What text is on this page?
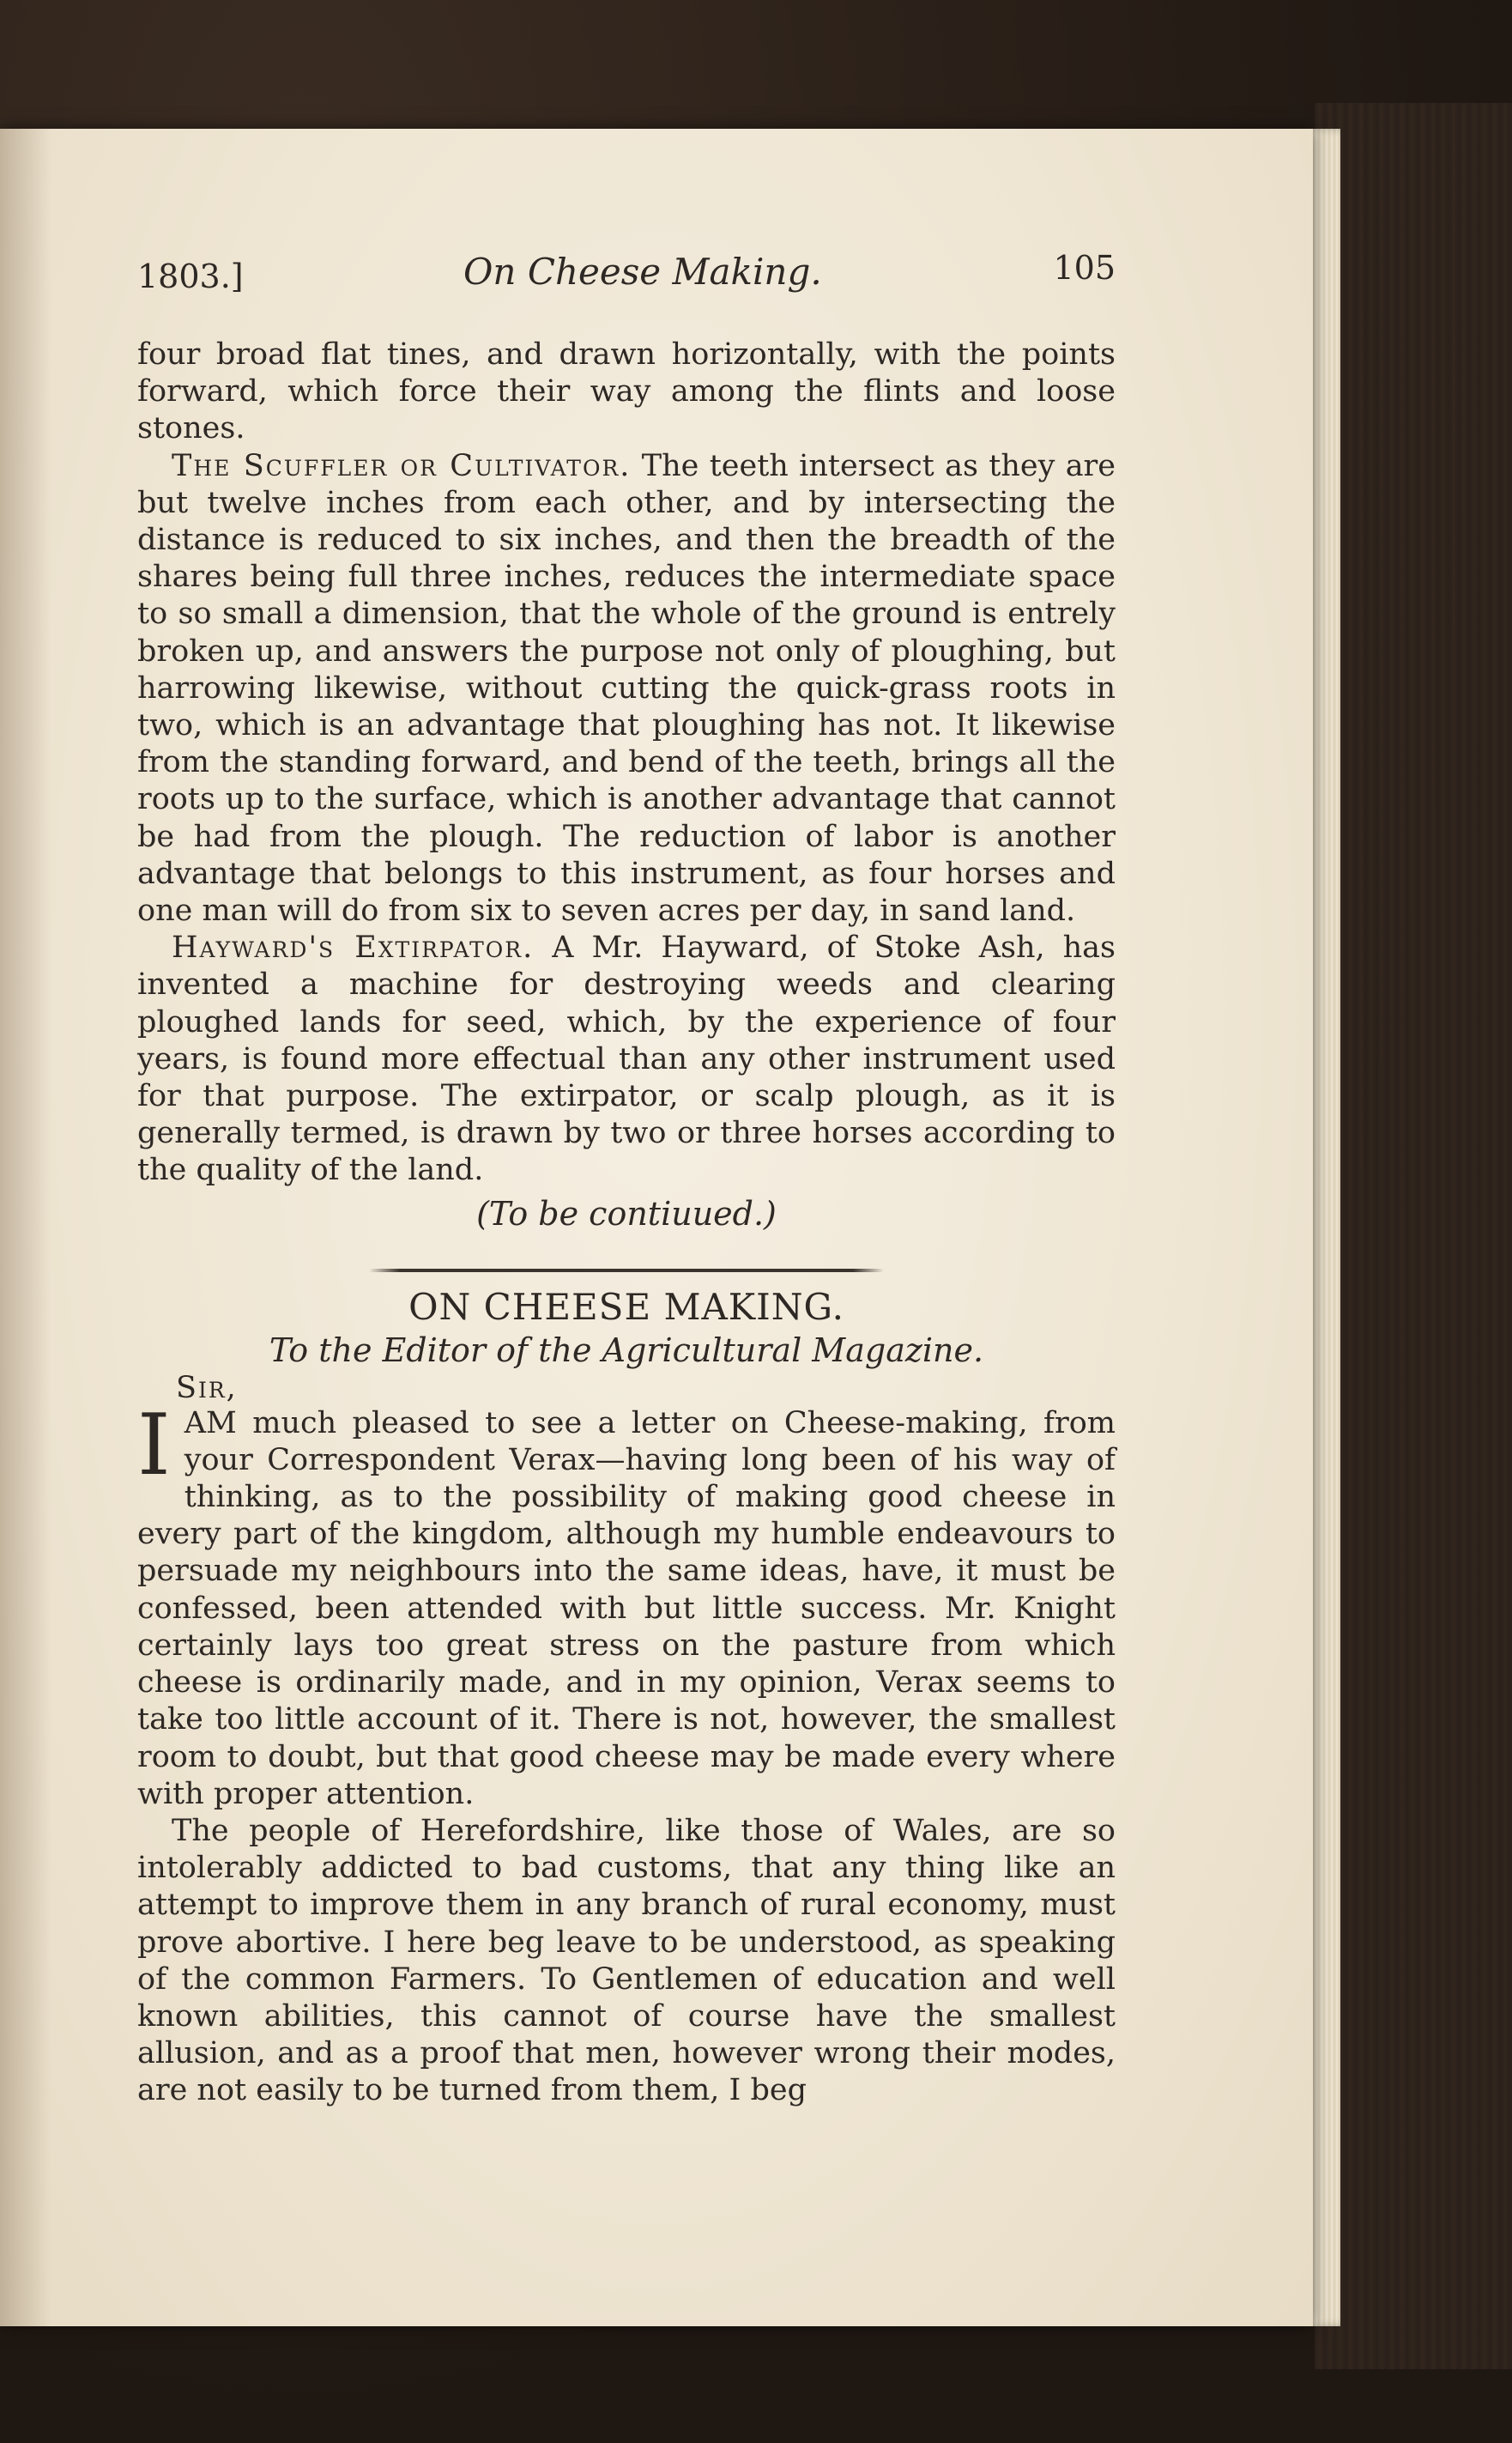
1803.]	On Cheese Making.	105

four broad flat tines, and drawn horizontally, with the points forward, which force their way among the flints and loose stones.

The Scuffler or Cultivator. The teeth intersect as they are but twelve inches from each other, and by intersecting the distance is reduced to six inches, and then the breadth of the shares being full three inches, reduces the intermediate space to so small a dimension, that the whole of the ground is entrely broken up, and answers the purpose not only of ploughing, but harrowing likewise, without cutting the quick-grass roots in two, which is an advantage that ploughing has not. It likewise from the standing forward, and bend of the teeth, brings all the roots up to the surface, which is another advantage that cannot be had from the plough. The reduction of labor is another advantage that belongs to this instrument, as four horses and one man will do from six to seven acres per day, in sand land.

Hayward's Extirpator. A Mr. Hayward, of Stoke Ash, has invented a machine for destroying weeds and clearing ploughed lands for seed, which, by the experience of four years, is found more effectual than any other instrument used for that purpose. The extirpator, or scalp plough, as it is generally termed, is drawn by two or three horses according to the quality of the land.

(To be contiuued.)

ON CHEESE MAKING.

To the Editor of the Agricultural Magazine.

Sir,

IAM much pleased to see a letter on Cheese-making, from your Correspondent Verax—having long been of his way of thinking, as to the possibility of making good cheese in every part of the kingdom, although my humble endeavours to persuade my neighbours into the same ideas, have, it must be confessed, been attended with but little success. Mr. Knight certainly lays too great stress on the pasture from which cheese is ordinarily made, and in my opinion, Verax seems to take too little account of it. There is not, however, the smallest room to doubt, but that good cheese may be made every where with proper attention.

The people of Herefordshire, like those of Wales, are so intolerably addicted to bad customs, that any thing like an attempt to improve them in any branch of rural economy, must prove abortive. I here beg leave to be understood, as speaking of the common Farmers. To Gentlemen of education and well known abilities, this cannot of course have the smallest allusion, and as a proof that men, however wrong their modes, are not easily to be turned from them, I beg
